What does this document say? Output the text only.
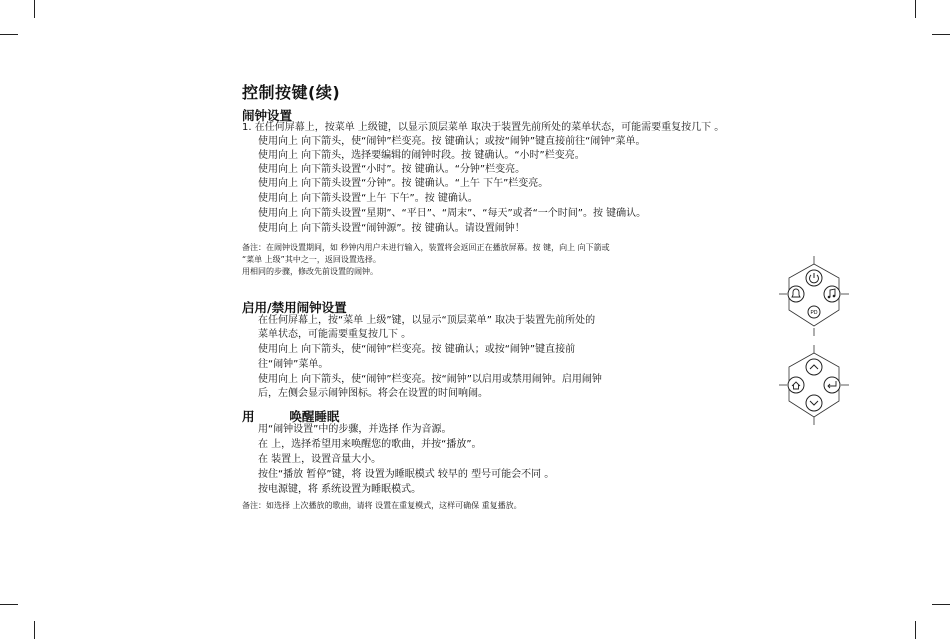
控制按键(续)
闹钟设置
1. 在任何屏幕上，按菜单 上级键，以显示顶层菜单 取决于装置先前所处的菜单状态，可能需要重复按几下 。
使用向上 向下箭头，使“闹钟”栏变亮。按 键确认；或按“闹钟”键直接前往“闹钟”菜单。
使用向上 向下箭头，选择要编辑的闹钟时段。按 键确认。“小时”栏变亮。
使用向上 向下箭头设置“小时”。按 键确认。“分钟”栏变亮。
使用向上 向下箭头设置“分钟”。按 键确认。“上午 下午”栏变亮。
使用向上 向下箭头设置“上午 下午”。按 键确认。
使用向上 向下箭头设置“星期”、“平日”、“周末”、“每天”或者“一个时间”。按 键确认。
使用向上 向下箭头设置“闹钟源”。按 键确认。请设置闹钟！
备注：在闹钟设置期间，如 秒钟内用户未进行输入，装置将会返回正在播放屏幕。按 键，向上 向下箭或
“菜单 上级”其中之一，返回设置选择。
用相同的步骤，修改先前设置的闹钟。
启用/禁用闹钟设置
在任何屏幕上，按“菜单 上级”键，以显示“顶层菜单” 取决于装置先前所处的
菜单状态，可能需要重复按几下 。
使用向上 向下箭头，使“闹钟”栏变亮。按 键确认；或按“闹钟”键直接前
往“闹钟”菜单。
使用向上 向下箭头，使“闹钟”栏变亮。按“闹钟”以启用或禁用闹钟。启用闹钟
后，左侧会显示闹钟图标。将会在设置的时间响闹。
用        唤醒睡眠
用“闹钟设置”中的步骤，并选择 作为音源。
在 上，选择希望用来唤醒您的歌曲，并按“播放”。
在 装置上，设置音量大小。
按住“播放 暂停”键，将 设置为睡眠模式 较早的 型号可能会不同 。
按电源键，将 系统设置为睡眠模式。
备注：如选择 上次播放的歌曲，请将 设置在重复模式，这样可确保 重复播放。
PD
